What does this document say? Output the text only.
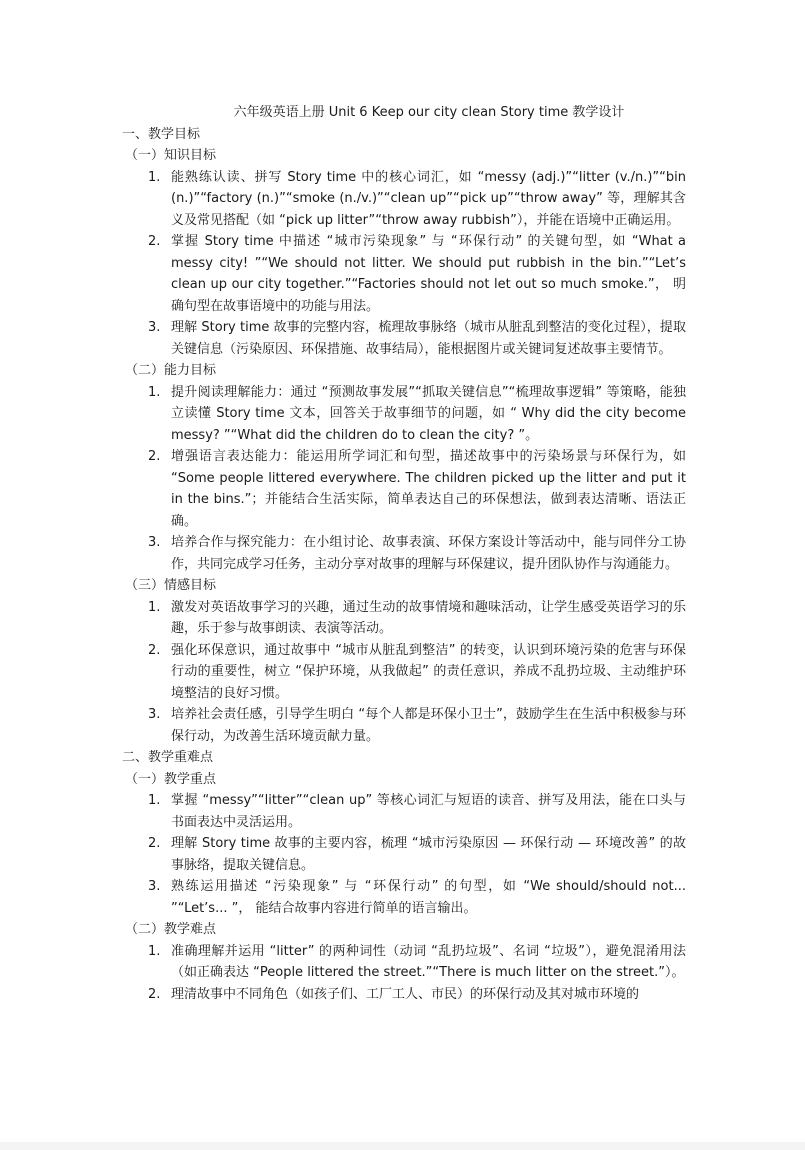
六年级英语上册 Unit 6 Keep our city clean Story time 教学设计
一、教学目标
（一）知识目标
1. 能熟练认读、拼写 Story time 中的核心词汇，如 “messy (adj.)”“litter (v./n.)”“bin (n.)”“factory (n.)”“smoke (n./v.)”“clean up”“pick up”“throw away” 等，理解其含义及常见搭配（如 “pick up litter”“throw away rubbish”），并能在语境中正确运用。
2. 掌握 Story time 中描述 “城市污染现象” 与 “环保行动” 的关键句型，如 “What a messy city! ”“We should not litter. We should put rubbish in the bin.”“Let’s clean up our city together.”“Factories should not let out so much smoke.”， 明确句型在故事语境中的功能与用法。
3. 理解 Story time 故事的完整内容，梳理故事脉络（城市从脏乱到整洁的变化过程），提取关键信息（污染原因、环保措施、故事结局），能根据图片或关键词复述故事主要情节。
（二）能力目标
1. 提升阅读理解能力：通过 “预测故事发展”“抓取关键信息”“梳理故事逻辑” 等策略，能独立读懂 Story time 文本，回答关于故事细节的问题，如 “ Why did the city become messy? ”“What did the children do to clean the city? ”。
2. 增强语言表达能力：能运用所学词汇和句型，描述故事中的污染场景与环保行为，如 “Some people littered everywhere. The children picked up the litter and put it in the bins.”；并能结合生活实际，简单表达自己的环保想法，做到表达清晰、语法正确。
3. 培养合作与探究能力：在小组讨论、故事表演、环保方案设计等活动中，能与同伴分工协作，共同完成学习任务，主动分享对故事的理解与环保建议，提升团队协作与沟通能力。
（三）情感目标
1. 激发对英语故事学习的兴趣，通过生动的故事情境和趣味活动，让学生感受英语学习的乐趣，乐于参与故事朗读、表演等活动。
2. 强化环保意识，通过故事中 “城市从脏乱到整洁” 的转变，认识到环境污染的危害与环保行动的重要性，树立 “保护环境，从我做起” 的责任意识，养成不乱扔垃圾、主动维护环境整洁的良好习惯。
3. 培养社会责任感，引导学生明白 “每个人都是环保小卫士”，鼓励学生在生活中积极参与环保行动，为改善生活环境贡献力量。
二、教学重难点
（一）教学重点
1. 掌握 “messy”“litter”“clean up” 等核心词汇与短语的读音、拼写及用法，能在口头与书面表达中灵活运用。
2. 理解 Story time 故事的主要内容，梳理 “城市污染原因 — 环保行动 — 环境改善” 的故事脉络，提取关键信息。
3. 熟练运用描述 “污染现象” 与 “环保行动” 的句型，如 “We should/should not... ”“Let’s... ”， 能结合故事内容进行简单的语言输出。
（二）教学难点
1. 准确理解并运用 “litter” 的两种词性（动词 “乱扔垃圾”、名词 “垃圾”），避免混淆用法（如正确表达 “People littered the street.”“There is much litter on the street.”）。
2. 理清故事中不同角色（如孩子们、工厂工人、市民）的环保行动及其对城市环境的
